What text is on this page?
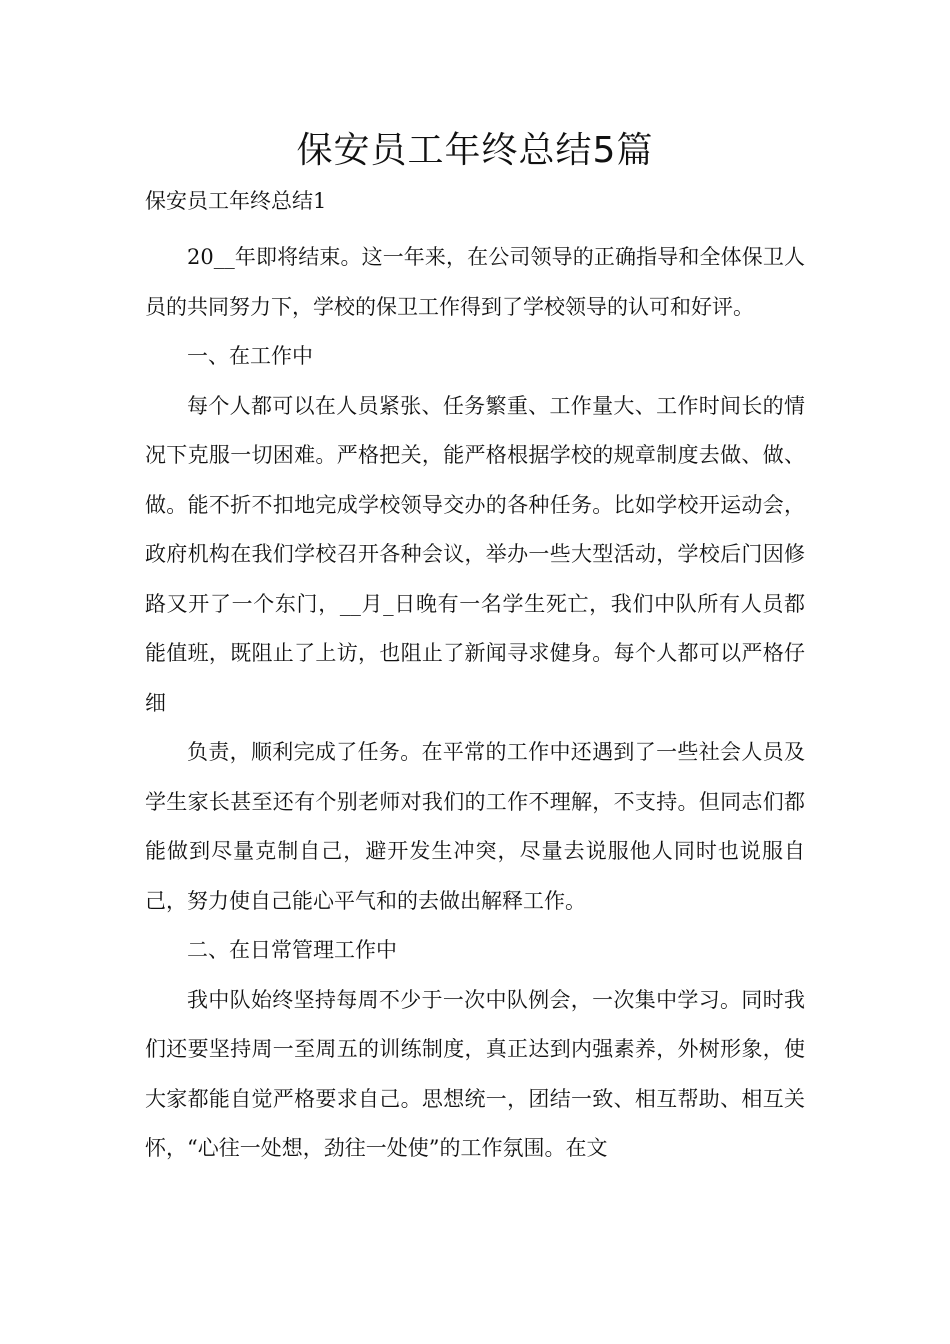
保安员工年终总结5篇

保安员工年终总结1

20__年即将结束。这一年来，在公司领导的正确指导和全体保卫人员的共同努力下，学校的保卫工作得到了学校领导的认可和好评。

一、在工作中

每个人都可以在人员紧张、任务繁重、工作量大、工作时间长的情况下克服一切困难。严格把关，能严格根据学校的规章制度去做、做、做。能不折不扣地完成学校领导交办的各种任务。比如学校开运动会，政府机构在我们学校召开各种会议，举办一些大型活动，学校后门因修路又开了一个东门，__月_日晚有一名学生死亡，我们中队所有人员都能值班，既阻止了上访，也阻止了新闻寻求健身。每个人都可以严格仔细

负责，顺利完成了任务。在平常的工作中还遇到了一些社会人员及学生家长甚至还有个别老师对我们的工作不理解，不支持。但同志们都能做到尽量克制自己，避开发生冲突，尽量去说服他人同时也说服自己，努力使自己能心平气和的去做出解释工作。

二、在日常管理工作中

我中队始终坚持每周不少于一次中队例会，一次集中学习。同时我们还要坚持周一至周五的训练制度，真正达到内强素养，外树形象，使大家都能自觉严格要求自己。思想统一，团结一致、相互帮助、相互关怀，“心往一处想，劲往一处使”的工作氛围。在文
